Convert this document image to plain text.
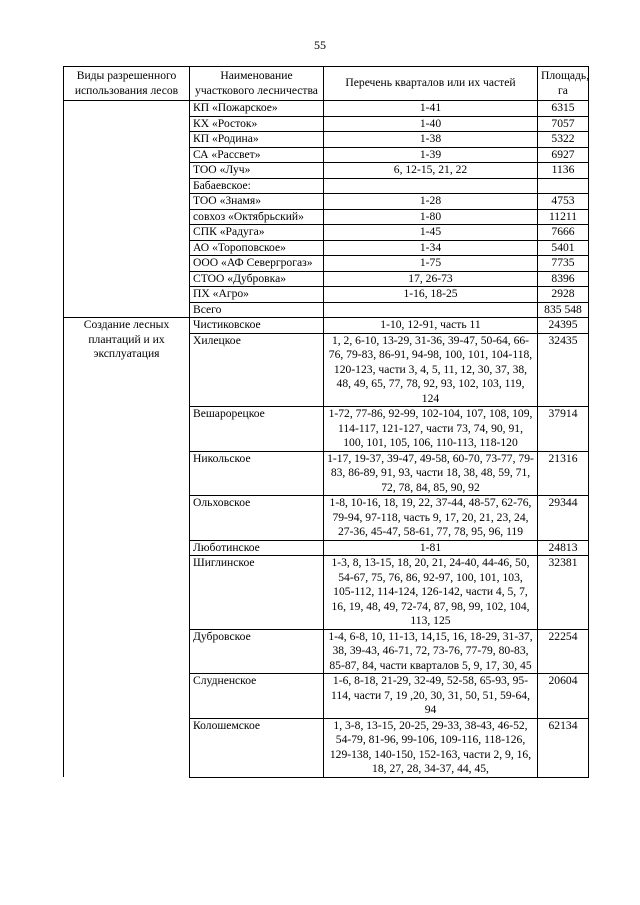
55
Виды разрешенного использования лесов	Наименование участкового лесничества	Перечень кварталов или их частей	Площадь, га
	КП «Пожарское»	1-41	6315
	КХ «Росток»	1-40	7057
	КП «Родина»	1-38	5322
	СА «Рассвет»	1-39	6927
	ТОО «Луч»	6, 12-15, 21, 22	1136
	Бабаевское:		
	ТОО «Знамя»	1-28	4753
	совхоз «Октябрьский»	1-80	11211
	СПК «Радуга»	1-45	7666
	АО «Тороповское»	1-34	5401
	ООО «АФ Севергрогаз»	1-75	7735
	СТОО «Дубровка»	17, 26-73	8396
	ПХ «Агро»	1-16, 18-25	2928
	Всего		835 548
Создание лесных плантаций и их эксплуатация	Чистиковское	1-10, 12-91, часть 11	24395
	Хилецкое	1, 2, 6-10, 13-29, 31-36, 39-47, 50-64, 66-76, 79-83, 86-91, 94-98, 100, 101, 104-118, 120-123, части 3, 4, 5, 11, 12, 30, 37, 38, 48, 49, 65, 77, 78, 92, 93, 102, 103, 119, 124	32435
	Вешарорецкое	1-72, 77-86, 92-99, 102-104, 107, 108, 109, 114-117, 121-127, части 73, 74, 90, 91, 100, 101, 105, 106, 110-113, 118-120	37914
	Никольское	1-17, 19-37, 39-47, 49-58, 60-70, 73-77, 79-83, 86-89, 91, 93, части 18, 38, 48, 59, 71, 72, 78, 84, 85, 90, 92	21316
	Ольховское	1-8, 10-16, 18, 19, 22, 37-44, 48-57, 62-76, 79-94, 97-118, часть 9, 17, 20, 21, 23, 24, 27-36, 45-47, 58-61, 77, 78, 95, 96, 119	29344
	Люботинское	1-81	24813
	Шиглинское	1-3, 8, 13-15, 18, 20, 21, 24-40, 44-46, 50, 54-67, 75, 76, 86, 92-97, 100, 101, 103, 105-112, 114-124, 126-142, части 4, 5, 7, 16, 19, 48, 49, 72-74, 87, 98, 99, 102, 104, 113, 125	32381
	Дубровское	1-4, 6-8, 10, 11-13, 14,15, 16, 18-29, 31-37, 38, 39-43, 46-71, 72, 73-76, 77-79, 80-83, 85-87, 84, части кварталов 5, 9, 17, 30, 45	22254
	Слудненское	1-6, 8-18, 21-29, 32-49, 52-58, 65-93, 95-114, части 7, 19 ,20, 30, 31, 50, 51, 59-64, 94	20604
	Колошемское	1, 3-8, 13-15, 20-25, 29-33, 38-43, 46-52, 54-79, 81-96, 99-106, 109-116, 118-126, 129-138, 140-150, 152-163, части 2, 9, 16, 18, 27, 28, 34-37, 44, 45,	62134
